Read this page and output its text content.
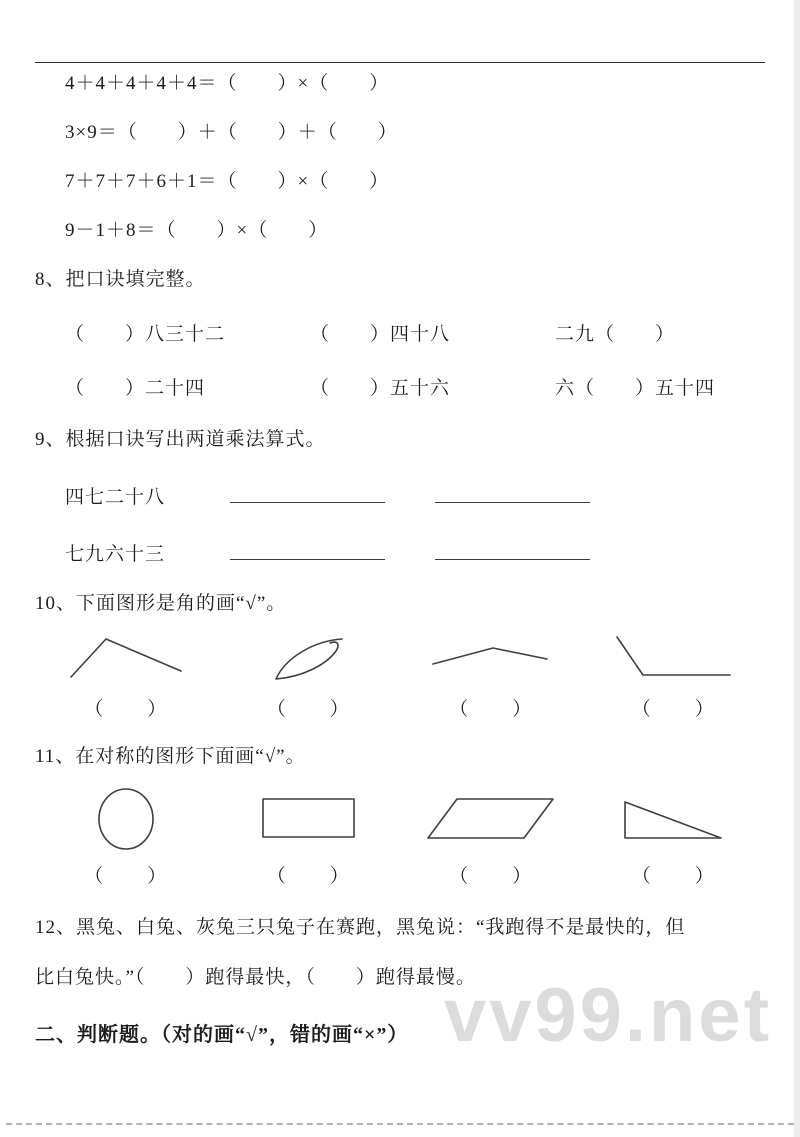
vv99.net

4＋4＋4＋4＋4＝（　　）×（　　）

3×9＝（　　）＋（　　）＋（　　）

7＋7＋7＋6＋1＝（　　）×（　　）

9－1＋8＝（　　）×（　　）

8、把口诀填完整。

（　　）八三十二	（　　）四十八	二九（　　）
（　　）二十四	（　　）五十六	六（　　）五十四

9、根据口诀写出两道乘法算式。

四七二十八
七九六十三

10、下面图形是角的画“√”。

（　　）	（　　）	（　　）	（　　）

11、在对称的图形下面画“√”。

（　　）	（　　）	（　　）	（　　）

12、黑兔、白兔、灰兔三只兔子在赛跑，黑兔说：“我跑得不是最快的，但

比白兔快。”（　　）跑得最快，（　　）跑得最慢。

二、判断题。（对的画“√”，错的画“×”）
